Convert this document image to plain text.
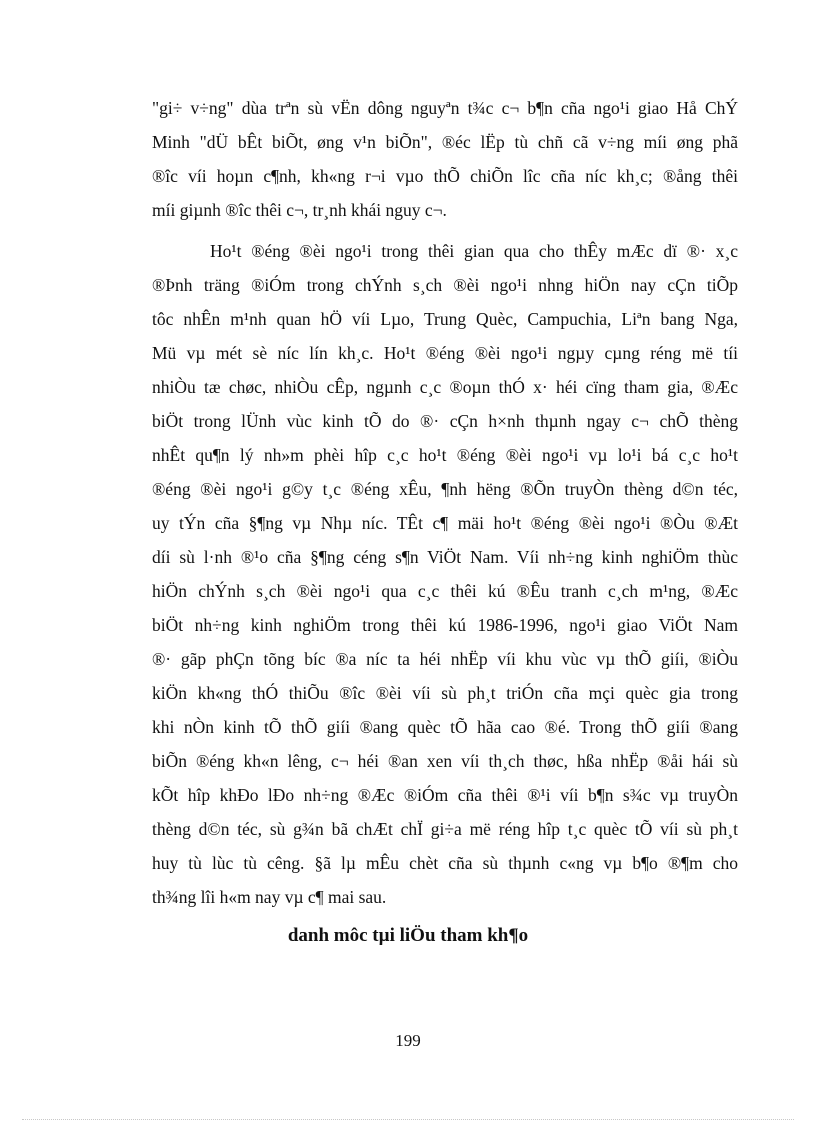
"gi÷ v÷ng" dùa trªn sù vËn dông nguyªn t¾c c¬ b¶n cña ngo¹i giao Hå ChÝ
Minh "dÜ bÊt biÕt, øng v¹n biÕn", ®éc lËp tù chñ cã v÷ng míi øng phã
®îc víi hoµn c¶nh, kh«ng r¬i vµo thÕ chiÕn lîc cña níc kh¸c; ®ång thêi
míi giµnh ®îc thêi c¬, tr¸nh khái nguy c¬.
Ho¹t ®éng ®èi ngo¹i trong thêi gian qua cho thÊy mÆc dï ®· x¸c
®Þnh träng ®iÓm trong chÝnh s¸ch ®èi ngo¹i nhng hiÖn nay cÇn tiÕp
tôc nhÊn m¹nh quan hÖ víi Lµo, Trung Quèc, Campuchia, Liªn bang Nga,
Mü vµ mét sè níc lín kh¸c. Ho¹t ®éng ®èi ngo¹i ngµy cµng réng më tíi
nhiÒu tæ chøc, nhiÒu cÊp, ngµnh c¸c ®oµn thÓ x· héi cïng tham gia, ®Æc
biÖt trong lÜnh vùc kinh tÕ do ®· cÇn h×nh thµnh ngay c¬ chÕ thèng
nhÊt qu¶n lý nh»m phèi hîp c¸c ho¹t ®éng ®èi ngo¹i vµ lo¹i bá c¸c ho¹t
®éng ®èi ngo¹i g©y t¸c ®éng xÊu, ¶nh hëng ®Õn truyÒn thèng d©n téc,
uy tÝn cña §¶ng vµ Nhµ níc. TÊt c¶ mäi ho¹t ®éng ®èi ngo¹i ®Òu ®Æt
díi sù l·nh ®¹o cña §¶ng céng s¶n ViÖt Nam. Víi nh÷ng kinh nghiÖm thùc
hiÖn chÝnh s¸ch ®èi ngo¹i qua c¸c thêi kú ®Êu tranh c¸ch m¹ng, ®Æc
biÖt nh÷ng kinh nghiÖm trong thêi kú 1986-1996, ngo¹i giao ViÖt Nam
®· gãp phÇn tõng bíc ®a níc ta héi nhËp víi khu vùc vµ thÕ giíi, ®iÒu
kiÖn kh«ng thÓ thiÕu ®îc ®èi víi sù ph¸t triÓn cña mçi quèc gia trong
khi nÒn kinh tÕ thÕ giíi ®ang quèc tÕ hãa cao ®é. Trong thÕ giíi ®ang
biÕn ®éng kh«n lêng, c¬ héi ®an xen víi th¸ch thøc, hßa nhËp ®åi hái sù
kÕt hîp khÐo lÐo nh÷ng ®Æc ®iÓm cña thêi ®¹i víi b¶n s¾c vµ truyÒn
thèng d©n téc, sù g¾n bã chÆt chÏ gi÷a më réng hîp t¸c quèc tÕ víi sù ph¸t
huy tù lùc tù cêng. §ã lµ mÊu chèt cña sù thµnh c«ng vµ b¶o ®¶m cho
th¾ng lîi h«m nay vµ c¶ mai sau.
danh môc tµi liÖu tham kh¶o
199
